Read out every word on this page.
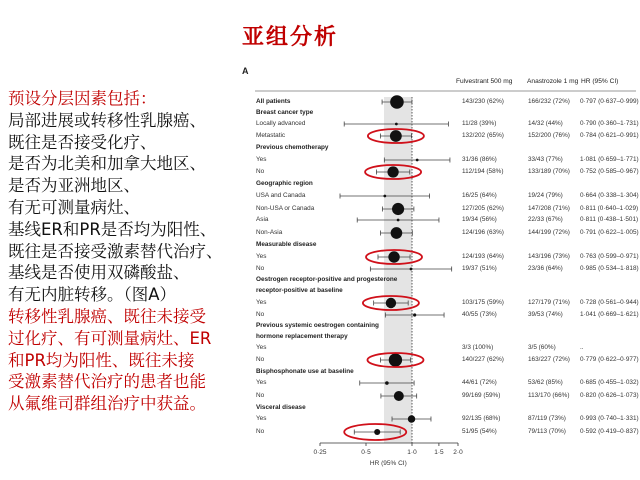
亚组分析
预设分层因素包括：
局部进展或转移性乳腺癌、
既往是否接受化疗、
是否为北美和加拿大地区、
是否为亚洲地区、
有无可测量病灶、
基线ER和PR是否均为阳性、
既往是否接受激素替代治疗、
基线是否使用双磷酸盐、
有无内脏转移。（图A）
转移性乳腺癌、既往未接受
过化疗、有可测量病灶、ER
和PR均为阳性、既往未接
受激素替代治疗的患者也能
从氟维司群组治疗中获益。
A
Fulvestrant 500 mg Anastrozole 1 mg HR (95% CI)
0·25	0·5	1·0	1·5 2·0
HR (95% CI)
All patients	143/230 (62%)	166/232 (72%) 0·797 (0·637–0·999)
Breast cancer type
Locally advanced	11/28 (39%)	14/32 (44%)	0·790 (0·360–1·731)
Metastatic	132/202 (65%)	152/200 (76%) 0·784 (0·621–0·991)
Previous chemotherapy
Yes	31/36 (86%)	33/43 (77%)	1·081 (0·659–1·771)
No	112/194 (58%)	133/189 (70%) 0·752 (0·585–0·967)
Geographic region
USA and Canada	16/25 (64%)	19/24 (79%)	0·664 (0·338–1·304)
Non-USA or Canada	127/205 (62%)	147/208 (71%) 0·811 (0·640–1·029)
Asia	19/34 (56%)	22/33 (67%)	0·811 (0·438–1·501)
Non-Asia	124/196 (63%)	144/199 (72%) 0·791 (0·622–1·005)
Measurable disease
Yes	124/193 (64%)	143/196 (73%) 0·763 (0·599–0·971)
No	19/37 (51%)	23/36 (64%)	0·985 (0·534–1·818)
Oestrogen receptor-positive and progesterone
receptor-positive at baseline
Yes	103/175 (59%)	127/179 (71%) 0·728 (0·561–0·944)
No	40/55 (73%)	39/53 (74%)	1·041 (0·669–1·621)
Previous systemic oestrogen containing
hormone replacement therapy
Yes	3/3 (100%)	3/5 (60%)	..
No	140/227 (62%)	163/227 (72%) 0·779 (0·622–0·977)
Bisphosphonate use at baseline
Yes	44/61 (72%)	53/62 (85%)	0·685 (0·455–1·032)
No	99/169 (59%)	113/170 (66%) 0·820 (0·626–1·073)
Visceral disease
Yes	92/135 (68%)	87/119 (73%) 0·993 (0·740–1·331)
No	51/95 (54%)	79/113 (70%) 0·592 (0·419–0·837)
